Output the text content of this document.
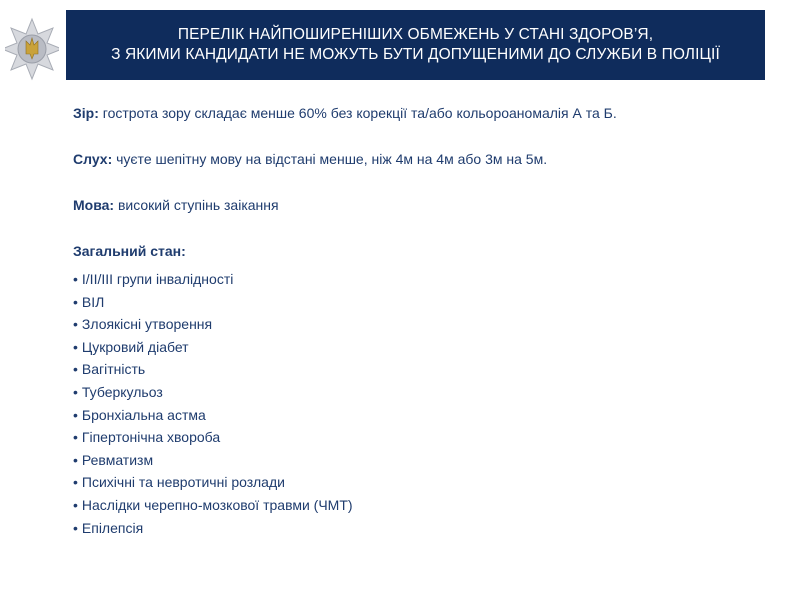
ПЕРЕЛІК НАЙПОШИРЕНІШИХ ОБМЕЖЕНЬ У СТАНІ ЗДОРОВ’Я,
З ЯКИМИ КАНДИДАТИ НЕ МОЖУТЬ БУТИ ДОПУЩЕНИМИ ДО СЛУЖБИ В ПОЛІЦІЇ
Зір: гострота зору складає менше 60% без корекції та/або кольороаномалія А та Б.
Слух: чуєте шепітну мову на відстані менше, ніж 4м на 4м або 3м на 5м.
Мова: високий ступінь заікання
Загальний стан:
• I/II/III групи інвалідності
• ВІЛ
• Злоякісні утворення
• Цукровий діабет
• Вагітність
• Туберкульоз
• Бронхіальна астма
• Гіпертонічна хвороба
• Ревматизм
• Психічні та невротичні розлади
• Наслідки черепно-мозкової травми (ЧМТ)
• Епілепсія
